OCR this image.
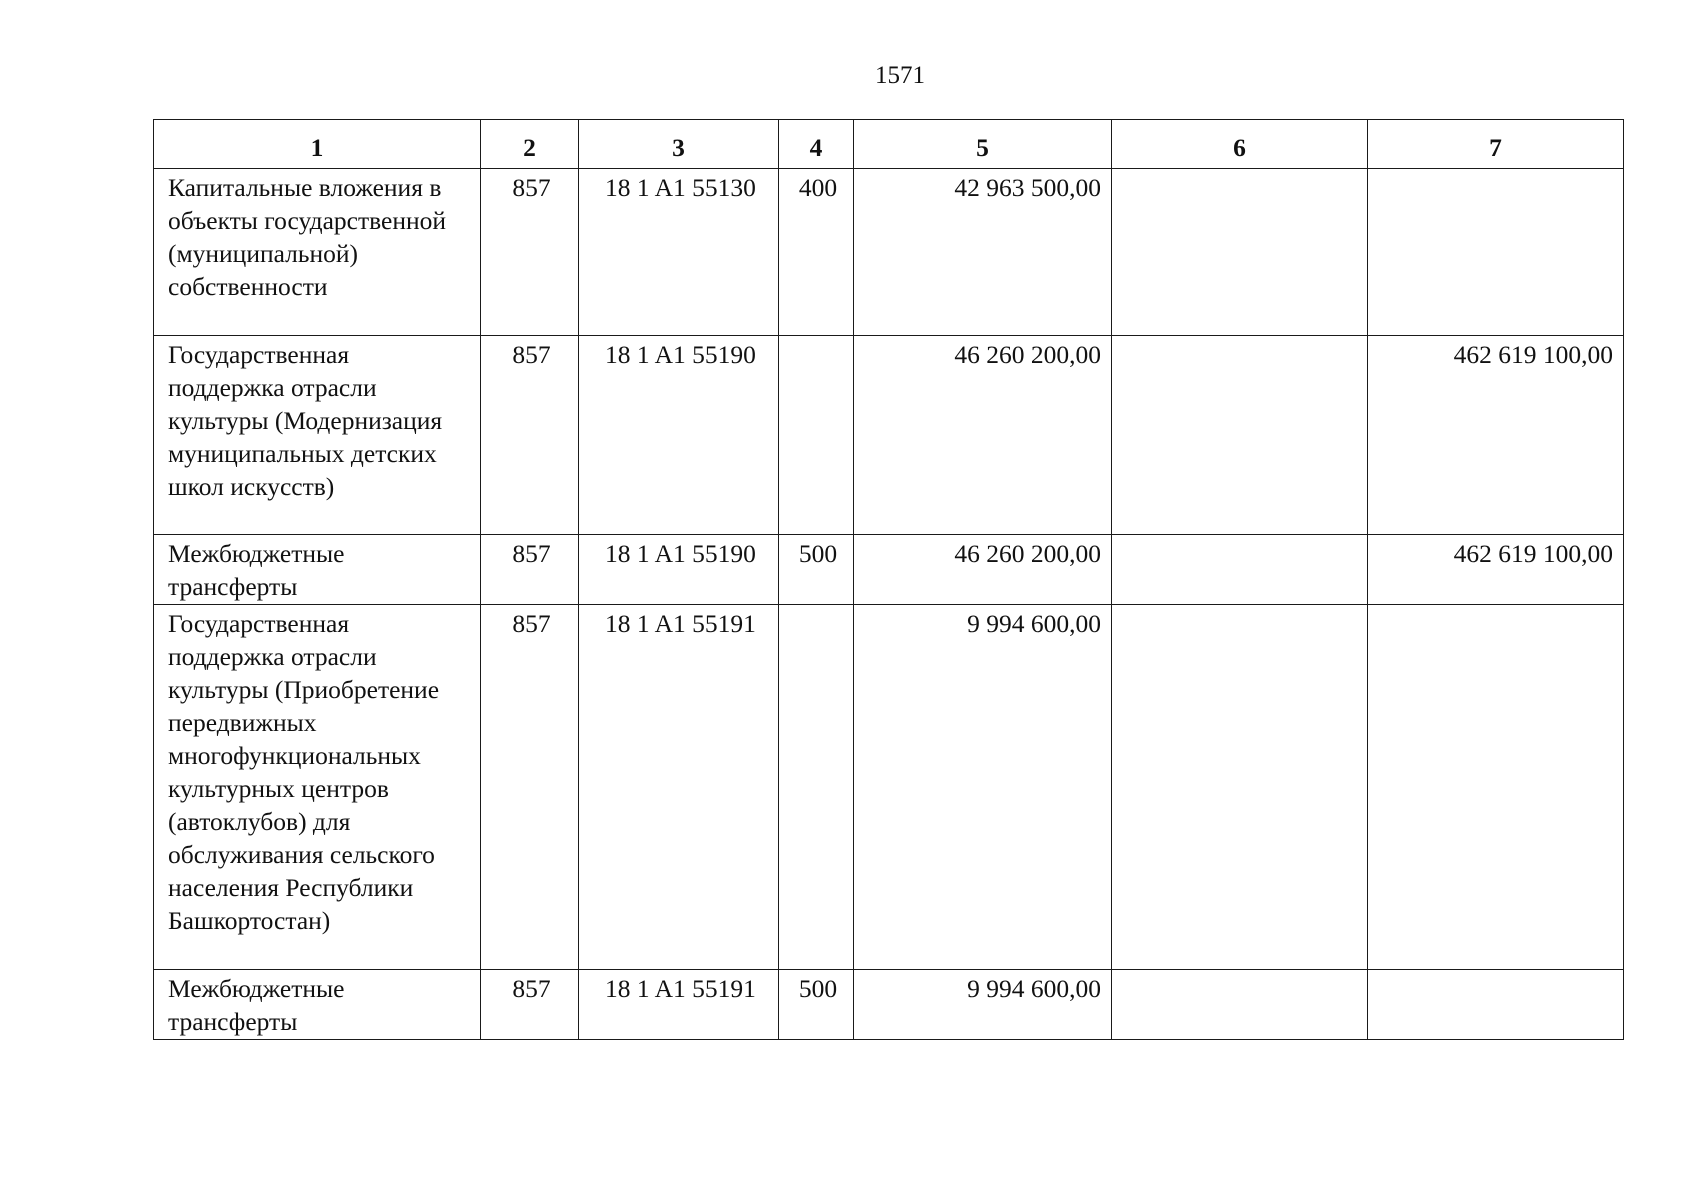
1571
1	2	3	4	5	6	7
Капитальные вложения в объекты государственной (муниципальной) собственности	857	18 1 A1 55130	400	42 963 500,00		
Государственная поддержка отрасли культуры (Модернизация муниципальных детских школ искусств)	857	18 1 A1 55190		46 260 200,00		462 619 100,00
Межбюджетные трансферты	857	18 1 A1 55190	500	46 260 200,00		462 619 100,00
Государственная поддержка отрасли культуры (Приобретение передвижных многофункциональных культурных центров (автоклубов) для обслуживания сельского населения Республики Башкортостан)	857	18 1 A1 55191		9 994 600,00		
Межбюджетные трансферты	857	18 1 A1 55191	500	9 994 600,00		
